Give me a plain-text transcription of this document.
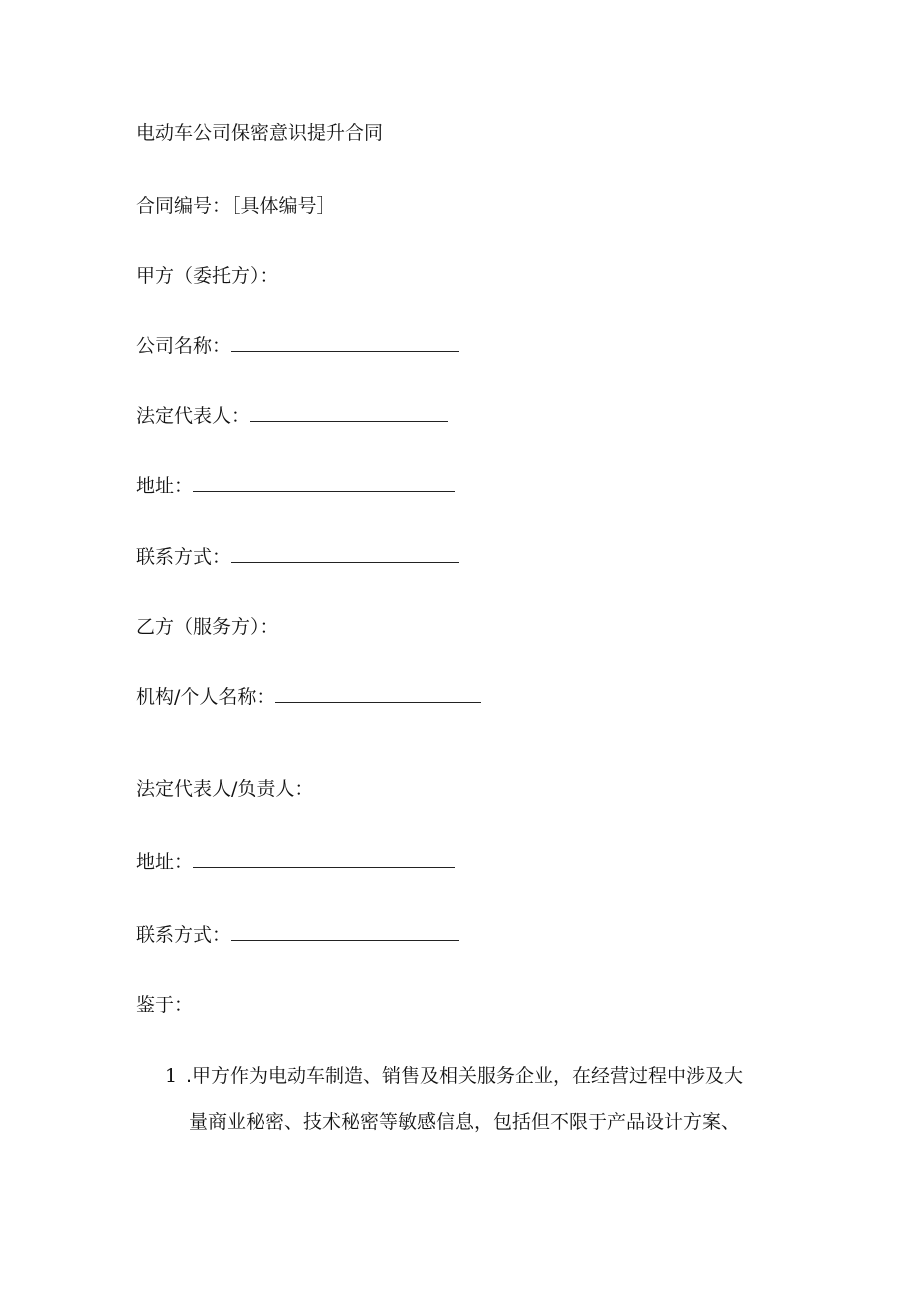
电动车公司保密意识提升合同
合同编号：［具体编号］
甲方（委托方）：
公司名称：
法定代表人：
地址：
联系方式：
乙方（服务方）：
机构/个人名称：
法定代表人/负责人：
地址：
联系方式：
鉴于：
1 .甲方作为电动车制造、销售及相关服务企业，在经营过程中涉及大
量商业秘密、技术秘密等敏感信息，包括但不限于产品设计方案、
